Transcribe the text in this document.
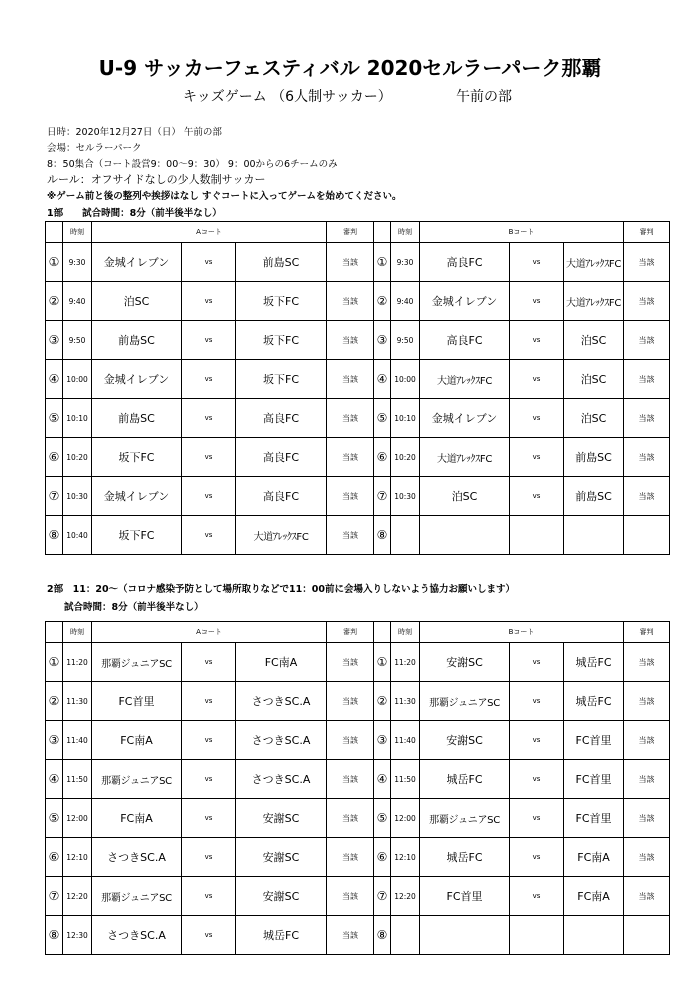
U-9 サッカーフェスティバル 2020セルラーパーク那覇
キッズゲーム （6人制サッカー）	午前の部
日時：2020年12月27日（日） 午前の部
会場：セルラーパーク
8：50集合（コート設営9：00～9：30） 9：00からの6チームのみ
ルール：オフサイドなしの少人数制サッカー
※ゲーム前と後の整列や挨拶はなし すぐコートに入ってゲームを始めてください。
1部　　試合時間：8分（前半後半なし）
	時刻	Aコート			審判		時刻	Bコート			審判
①	9:30	金城イレブン	vs	前島SC	当該	①	9:30	高良FC	vs	大道ｱﾚｯｸｽFC	当該
②	9:40	泊SC	vs	坂下FC	当該	②	9:40	金城イレブン	vs	大道ｱﾚｯｸｽFC	当該
③	9:50	前島SC	vs	坂下FC	当該	③	9:50	高良FC	vs	泊SC	当該
④	10:00	金城イレブン	vs	坂下FC	当該	④	10:00	大道ｱﾚｯｸｽFC	vs	泊SC	当該
⑤	10:10	前島SC	vs	高良FC	当該	⑤	10:10	金城イレブン	vs	泊SC	当該
⑥	10:20	坂下FC	vs	高良FC	当該	⑥	10:20	大道ｱﾚｯｸｽFC	vs	前島SC	当該
⑦	10:30	金城イレブン	vs	高良FC	当該	⑦	10:30	泊SC	vs	前島SC	当該
⑧	10:40	坂下FC	vs	大道ｱﾚｯｸｽFC	当該	⑧					
2部　11：20～（コロナ感染予防として場所取りなどで11：00前に会場入りしないよう協力お願いします）
試合時間：8分（前半後半なし）
	時刻	Aコート			審判		時刻	Bコート			審判
①	11:20	那覇ジュニアSC	vs	FC南A	当該	①	11:20	安謝SC	vs	城岳FC	当該
②	11:30	FC首里	vs	さつきSC.A	当該	②	11:30	那覇ジュニアSC	vs	城岳FC	当該
③	11:40	FC南A	vs	さつきSC.A	当該	③	11:40	安謝SC	vs	FC首里	当該
④	11:50	那覇ジュニアSC	vs	さつきSC.A	当該	④	11:50	城岳FC	vs	FC首里	当該
⑤	12:00	FC南A	vs	安謝SC	当該	⑤	12:00	那覇ジュニアSC	vs	FC首里	当該
⑥	12:10	さつきSC.A	vs	安謝SC	当該	⑥	12:10	城岳FC	vs	FC南A	当該
⑦	12:20	那覇ジュニアSC	vs	安謝SC	当該	⑦	12:20	FC首里	vs	FC南A	当該
⑧	12:30	さつきSC.A	vs	城岳FC	当該	⑧					
